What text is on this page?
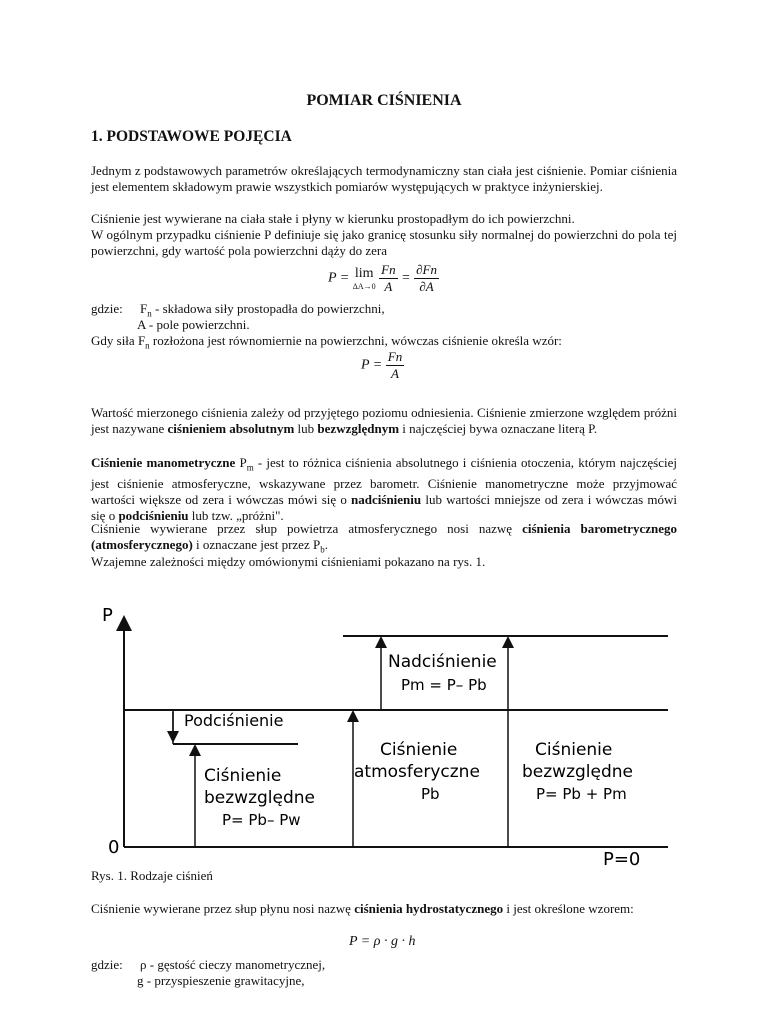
POMIAR CIŚNIENIA
1. PODSTAWOWE POJĘCIA
Jednym z podstawowych parametrów określających termodynamiczny stan ciała jest ciśnienie. Pomiar ciśnienia jest elementem składowym prawie wszystkich pomiarów występujących w praktyce inżynierskiej.
Ciśnienie jest wywierane na ciała stałe i płyny w kierunku prostopadłym do ich powierzchni.
W ogólnym przypadku ciśnienie P definiuje się jako granicę stosunku siły normalnej do powierzchni do pola tej powierzchni, gdy wartość pola powierzchni dąży do zera
P = lim
ΔA→0
$\frac{Fn}{A} = \frac{\partial Fn}{\partial A}$
gdzie: $F_n$ - składowa siły prostopadła do powierzchni,
A - pole powierzchni.
Gdy siła $F_n$ rozłożona jest równomiernie na powierzchni, wówczas ciśnienie określa wzór:
$P = \frac{Fn}{A}$
Wartość mierzonego ciśnienia zależy od przyjętego poziomu odniesienia. Ciśnienie zmierzone względem próżni jest nazywane ciśnieniem absolutnym lub bezwzględnym i najczęściej bywa oznaczane literą P.
Ciśnienie manometryczne $P_m$ - jest to różnica ciśnienia absolutnego i ciśnienia otoczenia, którym najczęściej jest ciśnienie atmosferyczne, wskazywane przez barometr. Ciśnienie manometryczne może przyjmować wartości większe od zera i wówczas mówi się o nadciśnieniu lub wartości mniejsze od zera i wówczas mówi się o podciśnieniu lub tzw. „próżni".
Ciśnienie wywierane przez słup powietrza atmosferycznego nosi nazwę ciśnienia barometrycznego (atmosferycznego) i oznaczane jest przez $P_b$.
Wzajemne zależności między omówionymi ciśnieniami pokazano na rys. 1.
P
0
P=0
Nadciśnienie
Pm = P– Pb
Podciśnienie
Ciśnienie
bezwzględne
P= Pb– Pw
Ciśnienie
atmosferyczne
Pb
Ciśnienie
bezwzględne
P= Pb + Pm
Rys. 1. Rodzaje ciśnień
Ciśnienie wywierane przez słup płynu nosi nazwę ciśnienia hydrostatycznego i jest określone wzorem:
P = ρ · g · h
gdzie: ρ - gęstość cieczy manometrycznej,
g - przyspieszenie grawitacyjne,
